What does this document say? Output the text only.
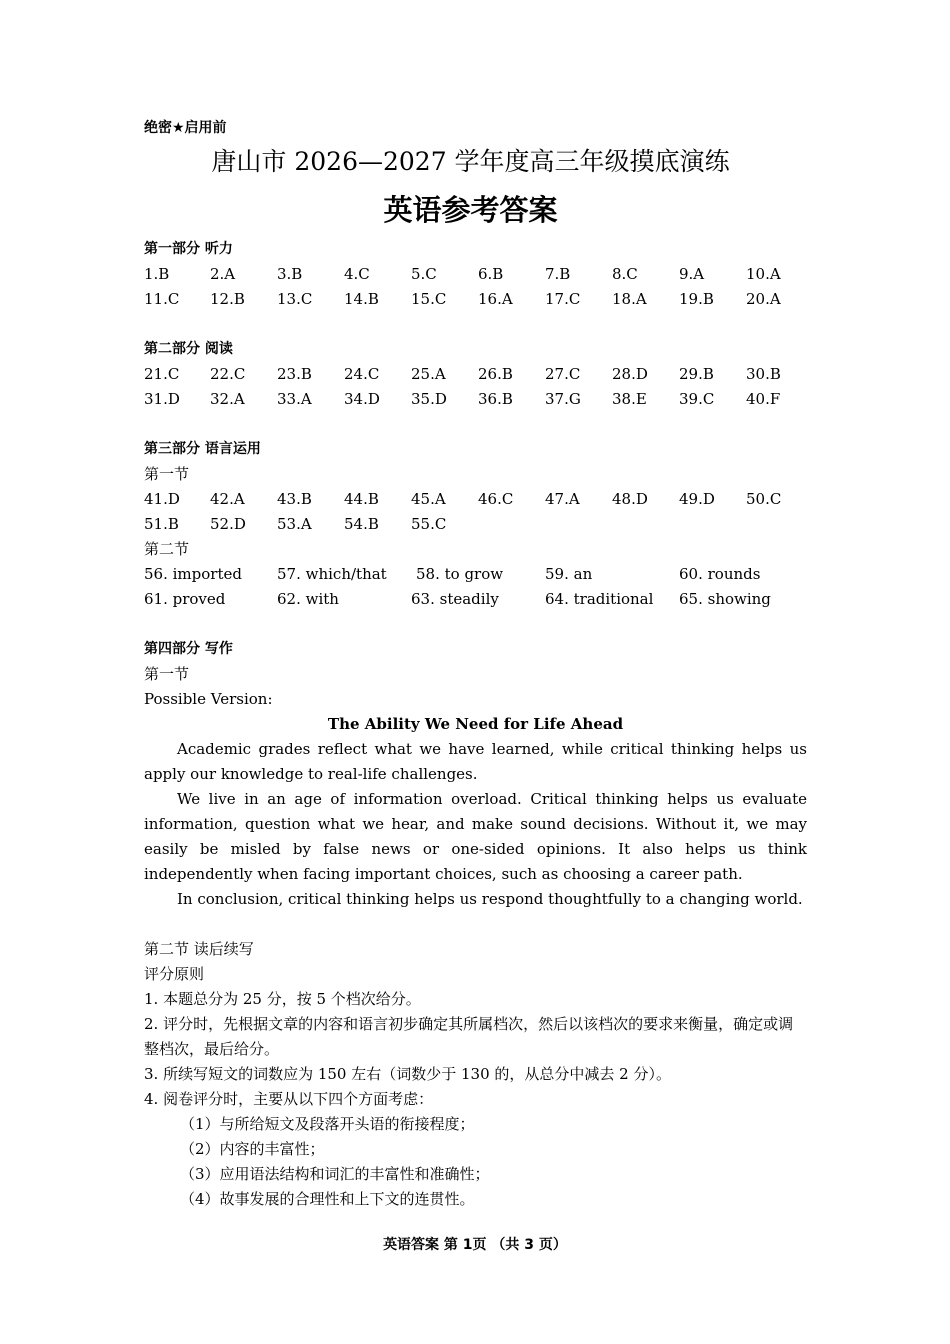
绝密★启用前
唐山市 2026—2027 学年度高三年级摸底演练
英语参考答案
第一部分 听力
1.B	2.A	3.B	4.C	5.C	6.B	7.B	8.C	9.A	10.A
11.C 12.B 13.C 14.B 15.C 16.A 17.C 18.A 19.B 20.A
第二部分 阅读
21.C 22.C 23.B 24.C 25.A 26.B 27.C 28.D 29.B 30.B
31.D 32.A 33.A 34.D 35.D 36.B 37.G 38.E 39.C 40.F
第三部分 语言运用
第一节
41.D 42.A 43.B 44.B 45.A 46.C 47.A 48.D 49.D 50.C
51.B 52.D 53.A 54.B 55.C
第二节
56. imported 57. which/that 58. to grow	59. an	60. rounds
61. proved	62. with	63. steadily	64. traditional 65. showing
第四部分 写作
第一节
Possible Version:
The Ability We Need for Life Ahead

Academic grades reflect what we have learned, while critical thinking helps us apply our knowledge to real-life challenges.

We live in an age of information overload. Critical thinking helps us evaluate information, question what we hear, and make sound decisions. Without it, we may easily be misled by false news or one-sided opinions. It also helps us think independently when facing important choices, such as choosing a career path.

In conclusion, critical thinking helps us respond thoughtfully to a changing world.

第二节 读后续写
评分原则

1. 本题总分为 25 分，按 5 个档次给分。

2. 评分时，先根据文章的内容和语言初步确定其所属档次，然后以该档次的要求来衡量，确定或调整档次，最后给分。

3. 所续写短文的词数应为 150 左右（词数少于 130 的，从总分中减去 2 分）。

4. 阅卷评分时，主要从以下四个方面考虑：

（1）与所给短文及段落开头语的衔接程度；

（2）内容的丰富性；

（3）应用语法结构和词汇的丰富性和准确性；

（4）故事发展的合理性和上下文的连贯性。

英语答案 第 1页 （共 3 页）
